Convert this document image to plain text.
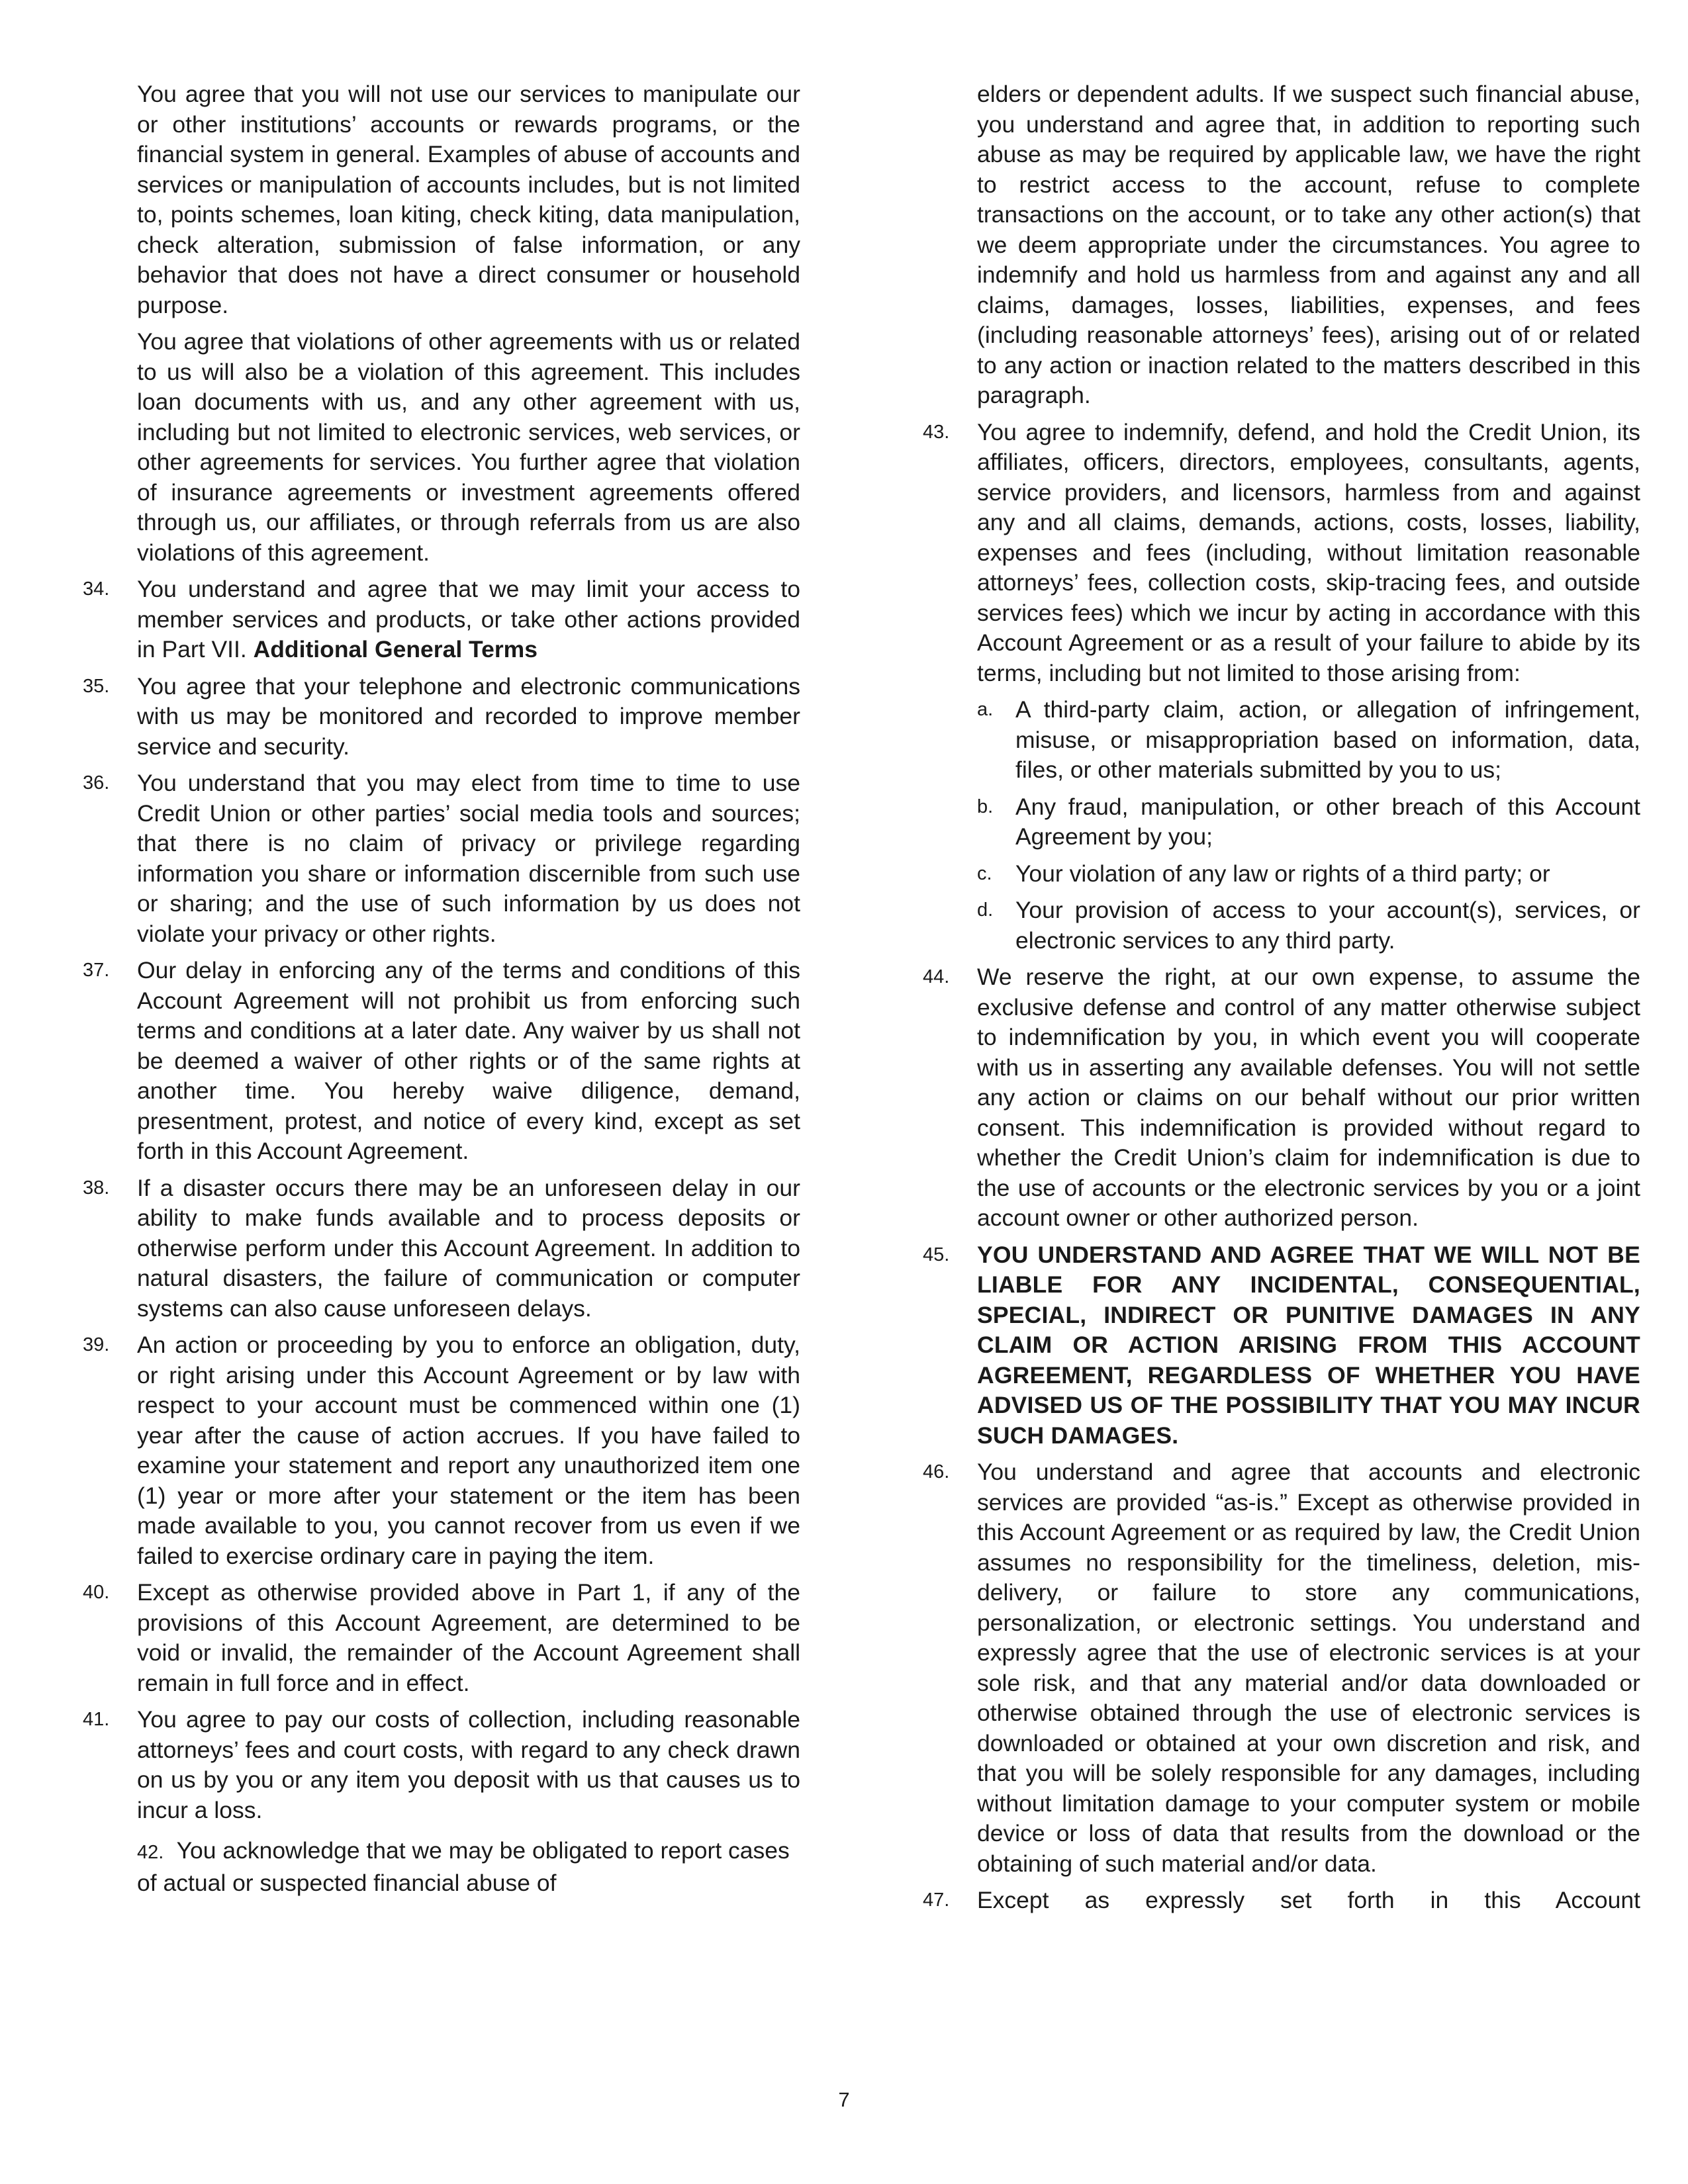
You agree that you will not use our services to manipulate our or other institutions’ accounts or rewards programs, or the financial system in general. Examples of abuse of accounts and services or manipulation of accounts includes, but is not limited to, points schemes, loan kiting, check kiting, data manipulation, check alteration, submission of false information, or any behavior that does not have a direct consumer or household purpose.

You agree that violations of other agreements with us or related to us will also be a violation of this agreement. This includes loan documents with us, and any other agreement with us, including but not limited to electronic services, web services, or other agreements for services. You further agree that violation of insurance agreements or investment agreements offered through us, our affiliates, or through referrals from us are also violations of this agreement.

34.	You understand and agree that we may limit your access to member services and products, or take other actions provided in Part VII. Additional General Terms
35.	You agree that your telephone and electronic communications with us may be monitored and recorded to improve member service and security.
36.	You understand that you may elect from time to time to use Credit Union or other parties’ social media tools and sources; that there is no claim of privacy or privilege regarding information you share or information discernible from such use or sharing; and the use of such information by us does not violate your privacy or other rights.
37.	Our delay in enforcing any of the terms and conditions of this Account Agreement will not prohibit us from enforcing such terms and conditions at a later date. Any waiver by us shall not be deemed a waiver of other rights or of the same rights at another time. You hereby waive diligence, demand, presentment, protest, and notice of every kind, except as set forth in this Account Agreement.
38.	If a disaster occurs there may be an unforeseen delay in our ability to make funds available and to process deposits or otherwise perform under this Account Agreement. In addition to natural disasters, the failure of communication or computer systems can also cause unforeseen delays.
39.	An action or proceeding by you to enforce an obligation, duty, or right arising under this Account Agreement or by law with respect to your account must be commenced within one (1) year after the cause of action accrues. If you have failed to examine your statement and report any unauthorized item one (1) year or more after your statement or the item has been made available to you, you cannot recover from us even if we failed to exercise ordinary care in paying the item.
40.	Except as otherwise provided above in Part 1, if any of the provisions of this Account Agreement, are determined to be void or invalid, the remainder of the Account Agreement shall remain in full force and in effect.
41.	You agree to pay our costs of collection, including reasonable attorneys’ fees and court costs, with regard to any check drawn on us by you or any item you deposit with us that causes us to incur a loss.
42. You acknowledge that we may be obligated to report cases of actual or suspected financial abuse of

elders or dependent adults. If we suspect such financial abuse, you understand and agree that, in addition to reporting such abuse as may be required by applicable law, we have the right to restrict access to the account, refuse to complete transactions on the account, or to take any other action(s) that we deem appropriate under the circumstances. You agree to indemnify and hold us harmless from and against any and all claims, damages, losses, liabilities, expenses, and fees (including reasonable attorneys’ fees), arising out of or related to any action or inaction related to the matters described in this paragraph.

43.	You agree to indemnify, defend, and hold the Credit Union, its affiliates, officers, directors, employees, consultants, agents, service providers, and licensors, harmless from and against any and all claims, demands, actions, costs, losses, liability, expenses and fees (including, without limitation reasonable attorneys’ fees, collection costs, skip-tracing fees, and outside services fees) which we incur by acting in accordance with this Account Agreement or as a result of your failure to abide by its terms, including but not limited to those arising from:
a. A third-party claim, action, or allegation of infringement, misuse, or misappropriation based on information, data, files, or other materials submitted by you to us;
b. Any fraud, manipulation, or other breach of this Account Agreement by you;
c. Your violation of any law or rights of a third party; or
d. Your provision of access to your account(s), services, or electronic services to any third party.
44.	We reserve the right, at our own expense, to assume the exclusive defense and control of any matter otherwise subject to indemnification by you, in which event you will cooperate with us in asserting any available defenses. You will not settle any action or claims on our behalf without our prior written consent. This indemnification is provided without regard to whether the Credit Union’s claim for indemnification is due to the use of accounts or the electronic services by you or a joint account owner or other authorized person.
45.	YOU UNDERSTAND AND AGREE THAT WE WILL NOT BE LIABLE FOR ANY INCIDENTAL, CONSEQUENTIAL, SPECIAL, INDIRECT OR PUNITIVE DAMAGES IN ANY CLAIM OR ACTION ARISING FROM THIS ACCOUNT AGREEMENT, REGARDLESS OF WHETHER YOU HAVE ADVISED US OF THE POSSIBILITY THAT YOU MAY INCUR SUCH DAMAGES.
46.	You understand and agree that accounts and electronic services are provided “as-is.” Except as otherwise provided in this Account Agreement or as required by law, the Credit Union assumes no responsibility for the timeliness, deletion, mis-delivery, or failure to store any communications, personalization, or electronic settings. You understand and expressly agree that the use of electronic services is at your sole risk, and that any material and/or data downloaded or otherwise obtained through the use of electronic services is downloaded or obtained at your own discretion and risk, and that you will be solely responsible for any damages, including without limitation damage to your computer system or mobile device or loss of data that results from the download or the obtaining of such material and/or data.
47.	Except as expressly set forth in this Account
7
